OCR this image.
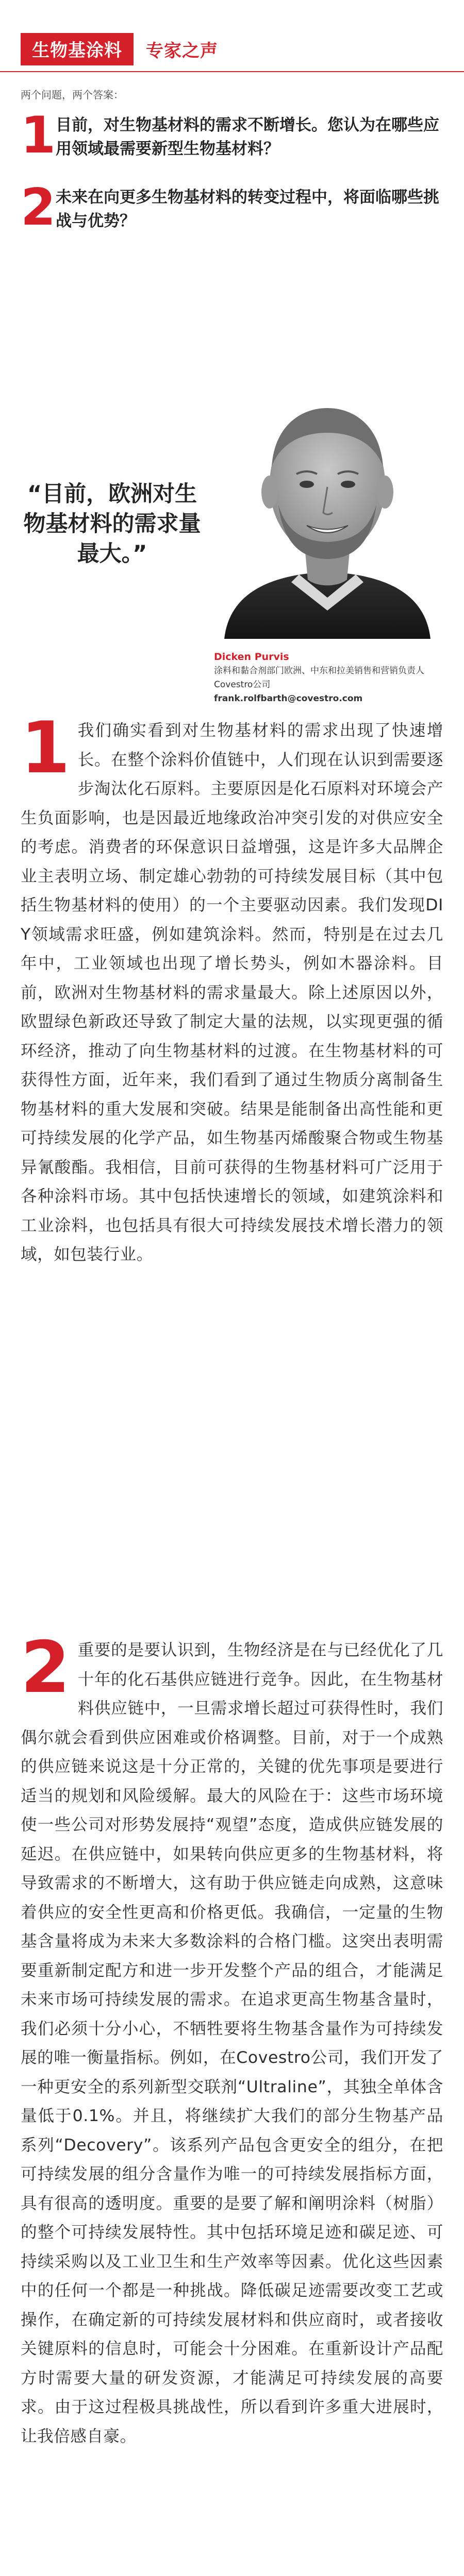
生物基涂料	专家之声
两个问题，两个答案：
1 目前，对生物基材料的需求不断增长。您认为在哪些应用领域最需要新型生物基材料？
2 未来在向更多生物基材料的转变过程中，将面临哪些挑战与优势？
“目前，欧洲对生物基材料的需求量最大。”
Dicken Purvis
涂料和黏合剂部门欧洲、中东和拉美销售和营销负责人
Covestro公司
frank.rolfbarth@covestro.com

1 我们确实看到对生物基材料的需求出现了快速增长。在整个涂料价值链中，人们现在认识到需要逐步淘汰化石原料。主要原因是化石原料对环境会产生负面影响，也是因最近地缘政治冲突引发的对供应安全的考虑。消费者的环保意识日益增强，这是许多大品牌企业主表明立场、制定雄心勃勃的可持续发展目标（其中包括生物基材料的使用）的一个主要驱动因素。我们发现DIY领域需求旺盛，例如建筑涂料。然而，特别是在过去几年中，工业领域也出现了增长势头，例如木器涂料。目前，欧洲对生物基材料的需求量最大。除上述原因以外，欧盟绿色新政还导致了制定大量的法规，以实现更强的循环经济，推动了向生物基材料的过渡。在生物基材料的可获得性方面，近年来，我们看到了通过生物质分离制备生物基材料的重大发展和突破。结果是能制备出高性能和更可持续发展的化学产品，如生物基丙烯酸聚合物或生物基异氰酸酯。我相信，目前可获得的生物基材料可广泛用于各种涂料市场。其中包括快速增长的领域，如建筑涂料和工业涂料，也包括具有很大可持续发展技术增长潜力的领域，如包装行业。

2 重要的是要认识到，生物经济是在与已经优化了几十年的化石基供应链进行竞争。因此，在生物基材料供应链中，一旦需求增长超过可获得性时，我们偶尔就会看到供应困难或价格调整。目前，对于一个成熟的供应链来说这是十分正常的，关键的优先事项是要进行适当的规划和风险缓解。最大的风险在于：这些市场环境使一些公司对形势发展持“观望”态度，造成供应链发展的延迟。在供应链中，如果转向供应更多的生物基材料，将导致需求的不断增大，这有助于供应链走向成熟，这意味着供应的安全性更高和价格更低。我确信，一定量的生物基含量将成为未来大多数涂料的合格门槛。这突出表明需要重新制定配方和进一步开发整个产品的组合，才能满足未来市场可持续发展的需求。在追求更高生物基含量时，我们必须十分小心，不牺牲要将生物基含量作为可持续发展的唯一衡量指标。例如，在Covestro公司，我们开发了一种更安全的系列新型交联剂“Ultraline”，其独全单体含量低于0.1%。并且，将继续扩大我们的部分生物基产品系列“Decovery”。该系列产品包含更安全的组分，在把可持续发展的组分含量作为唯一的可持续发展指标方面，具有很高的透明度。重要的是要了解和阐明涂料（树脂）的整个可持续发展特性。其中包括环境足迹和碳足迹、可持续采购以及工业卫生和生产效率等因素。优化这些因素中的任何一个都是一种挑战。降低碳足迹需要改变工艺或操作，在确定新的可持续发展材料和供应商时，或者接收关键原料的信息时，可能会十分困难。在重新设计产品配方时需要大量的研发资源，才能满足可持续发展的高要求。由于这过程极具挑战性，所以看到许多重大进展时，让我倍感自豪。
